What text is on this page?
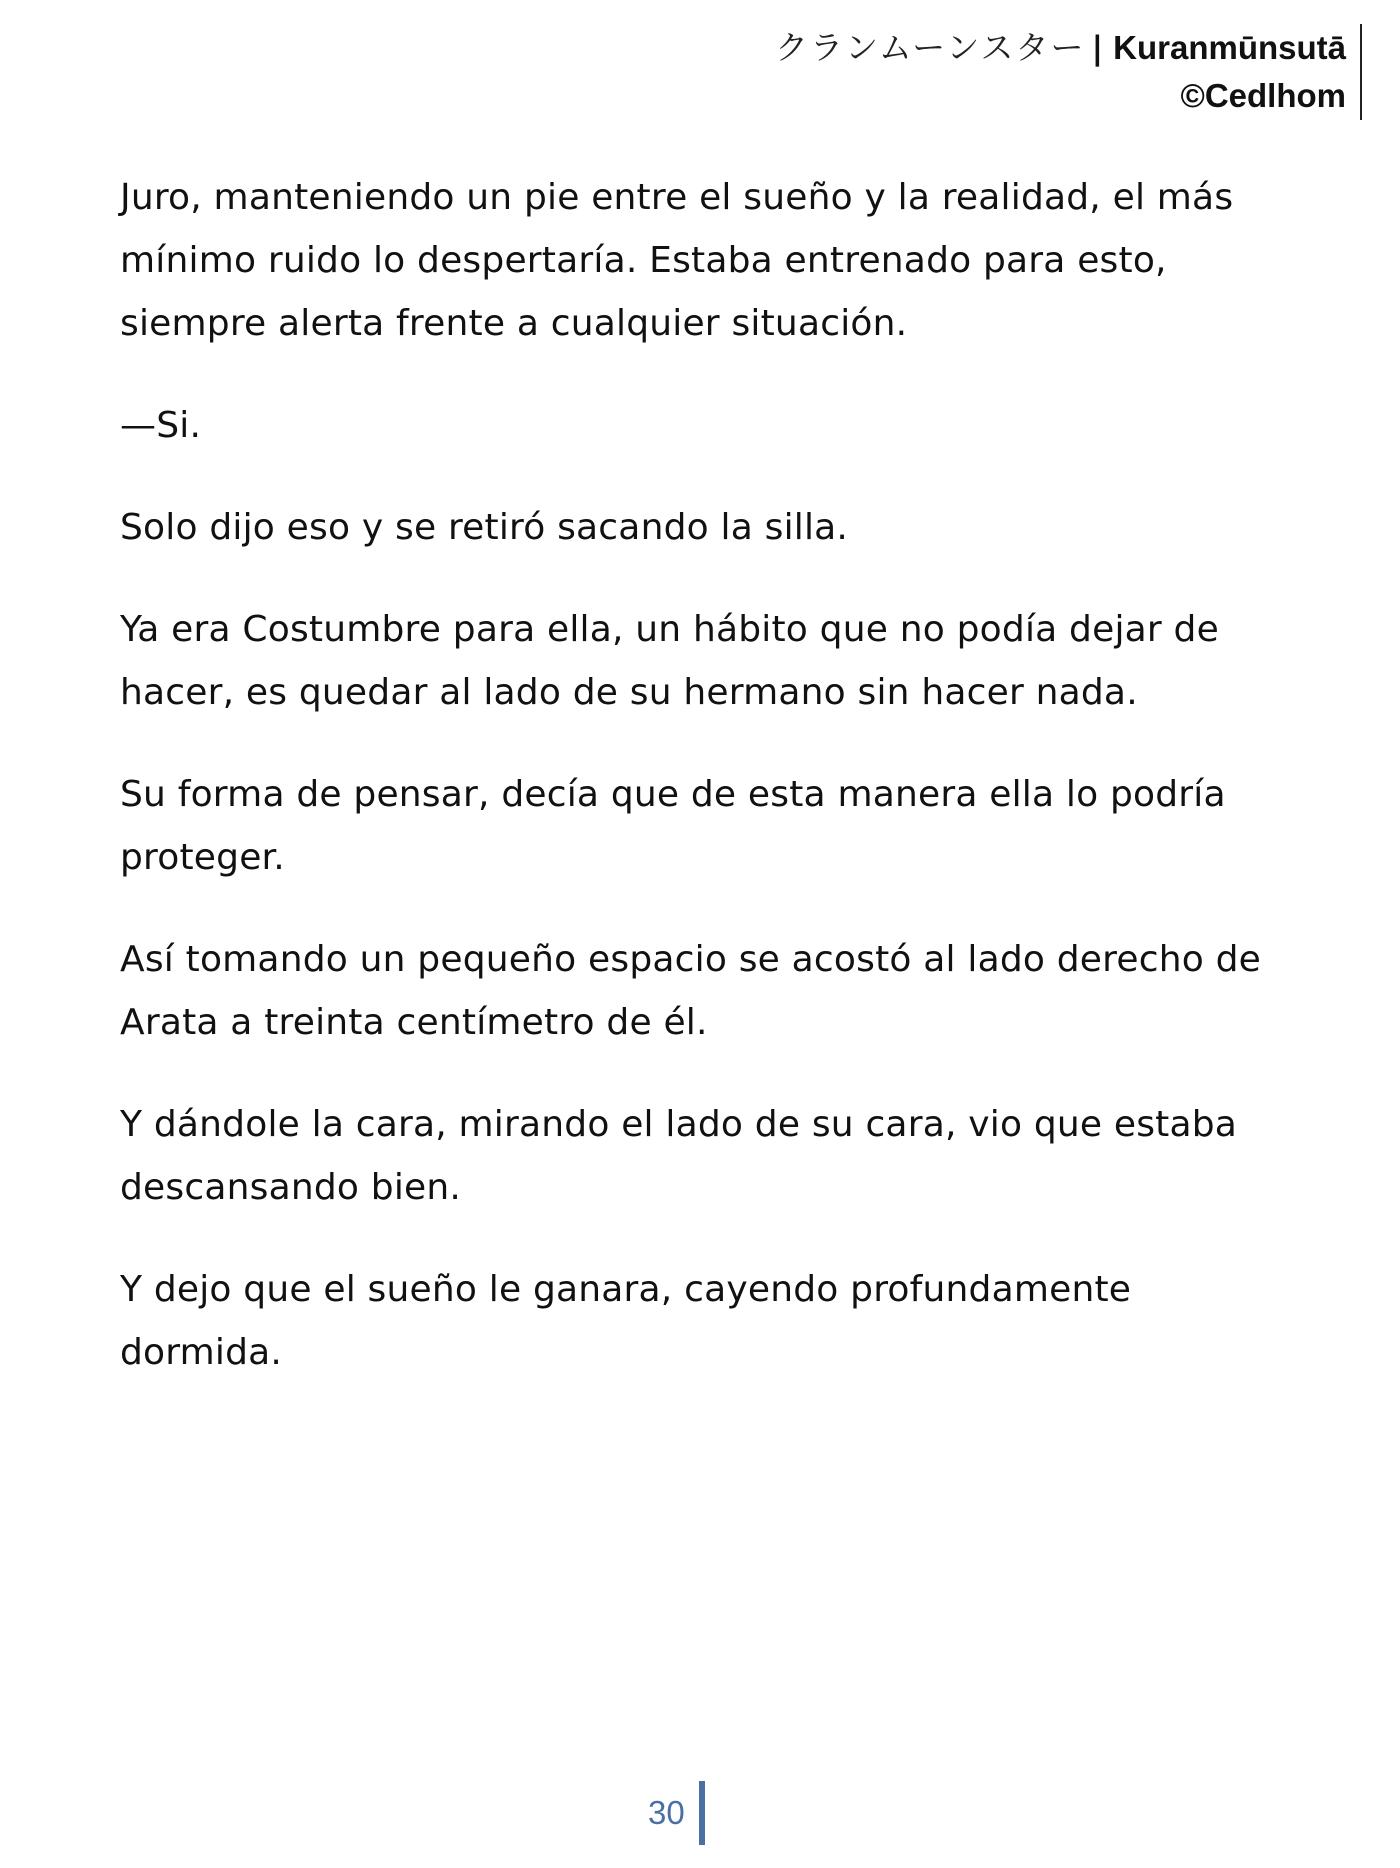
クランムーンスター | Kuranmūnsutā
©Cedlhom

Juro, manteniendo un pie entre el sueño y la realidad, el más mínimo ruido lo despertaría. Estaba entrenado para esto, siempre alerta frente a cualquier situación.

—Si.

Solo dijo eso y se retiró sacando la silla.

Ya era Costumbre para ella, un hábito que no podía dejar de hacer, es quedar al lado de su hermano sin hacer nada.

Su forma de pensar, decía que de esta manera ella lo podría proteger.

Así tomando un pequeño espacio se acostó al lado derecho de Arata a treinta centímetro de él.

Y dándole la cara, mirando el lado de su cara, vio que estaba descansando bien.

Y dejo que el sueño le ganara, cayendo profundamente dormida.

30
